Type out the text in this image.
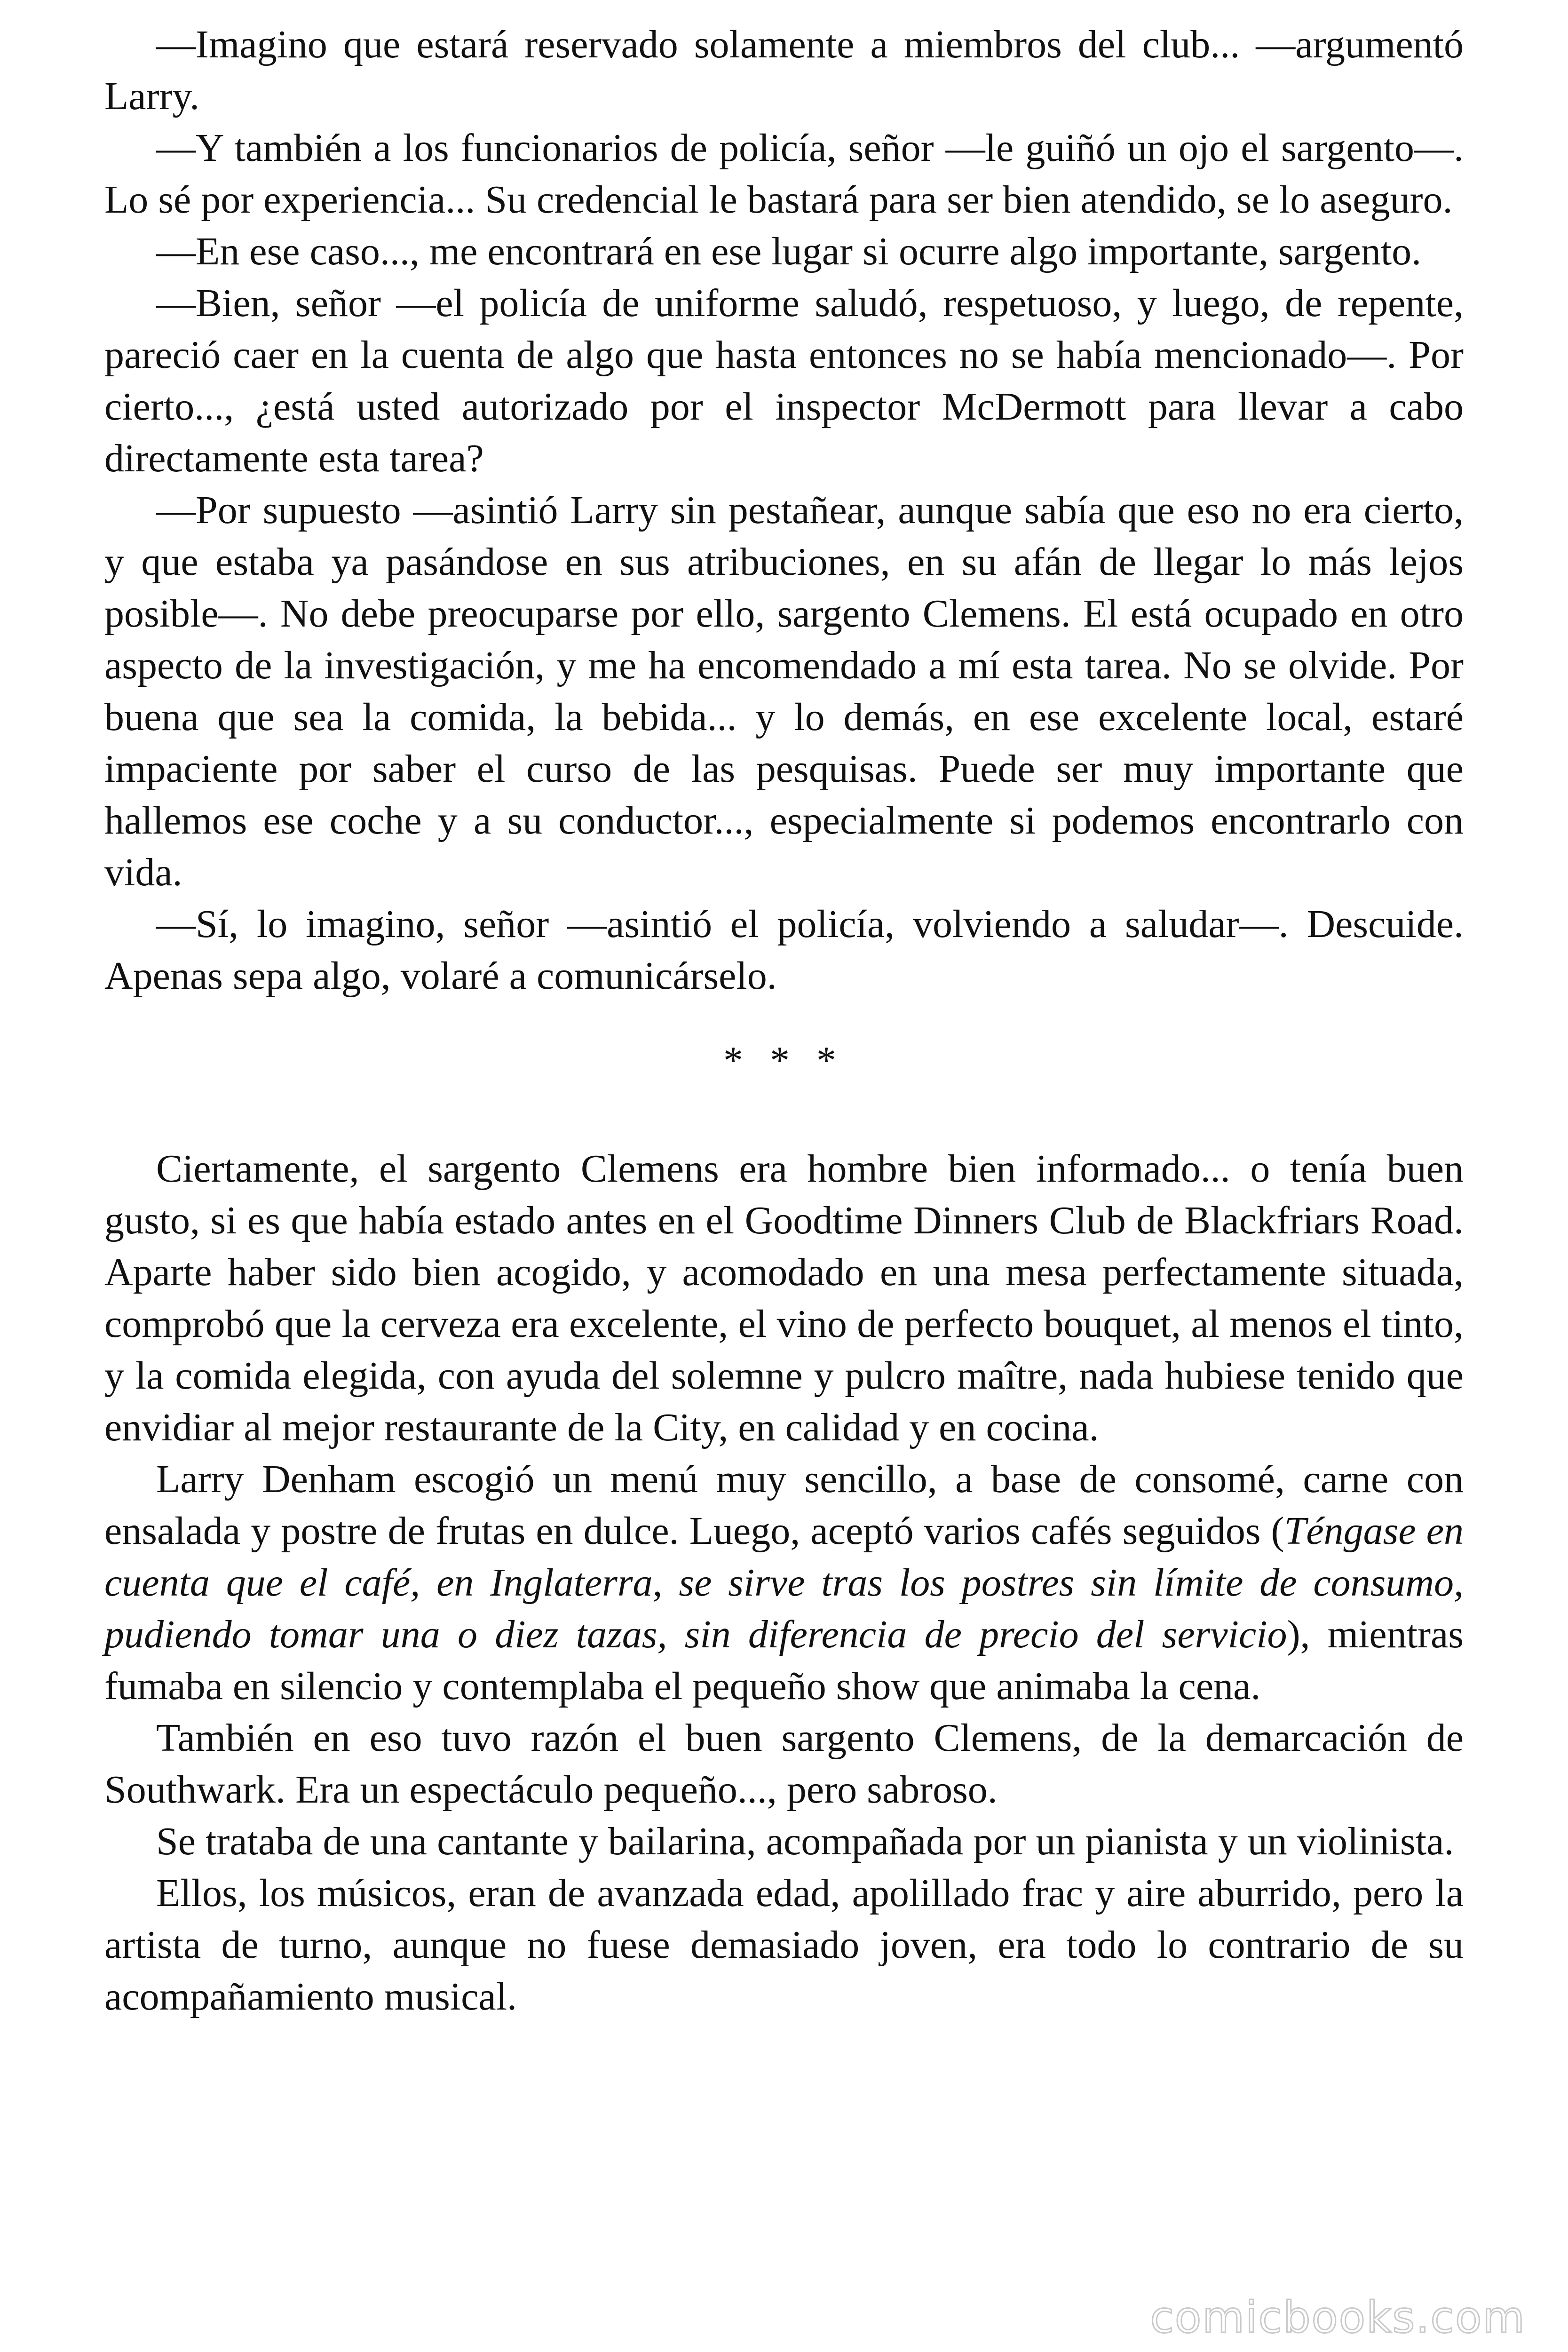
—Imagino que estará reservado solamente a miembros del club... —argumentó Larry.

—Y también a los funcionarios de policía, señor —le guiñó un ojo el sargento—. Lo sé por experiencia... Su credencial le bastará para ser bien atendido, se lo aseguro.

—En ese caso..., me encontrará en ese lugar si ocurre algo importante, sargento.

—Bien, señor —el policía de uniforme saludó, respetuoso, y luego, de repente, pareció caer en la cuenta de algo que hasta entonces no se había mencionado—. Por cierto..., ¿está usted autorizado por el inspector McDermott para llevar a cabo directamente esta tarea?

—Por supuesto —asintió Larry sin pestañear, aunque sabía que eso no era cierto, y que estaba ya pasándose en sus atribuciones, en su afán de llegar lo más lejos posible—. No debe preocuparse por ello, sargento Clemens. El está ocupado en otro aspecto de la investigación, y me ha encomendado a mí esta tarea. No se olvide. Por buena que sea la comida, la bebida... y lo demás, en ese excelente local, estaré impaciente por saber el curso de las pesquisas. Puede ser muy importante que hallemos ese coche y a su conductor..., especialmente si podemos encontrarlo con vida.

—Sí, lo imagino, señor —asintió el policía, volviendo a saludar—. Descuide. Apenas sepa algo, volaré a comunicárselo.

* * *

Ciertamente, el sargento Clemens era hombre bien informado... o tenía buen gusto, si es que había estado antes en el Goodtime Dinners Club de Blackfriars Road. Aparte haber sido bien acogido, y acomodado en una mesa perfectamente situada, comprobó que la cerveza era excelente, el vino de perfecto bouquet, al menos el tinto, y la comida elegida, con ayuda del solemne y pulcro maître, nada hubiese tenido que envidiar al mejor restaurante de la City, en calidad y en cocina.

Larry Denham escogió un menú muy sencillo, a base de consomé, carne con ensalada y postre de frutas en dulce. Luego, aceptó varios cafés seguidos (Téngase en cuenta que el café, en Inglaterra, se sirve tras los postres sin límite de consumo, pudiendo tomar una o diez tazas, sin diferencia de precio del servicio), mientras fumaba en silencio y contemplaba el pequeño show que animaba la cena.

También en eso tuvo razón el buen sargento Clemens, de la demarcación de Southwark. Era un espectáculo pequeño..., pero sabroso.

Se trataba de una cantante y bailarina, acompañada por un pianista y un violinista.

Ellos, los músicos, eran de avanzada edad, apolillado frac y aire aburrido, pero la artista de turno, aunque no fuese demasiado joven, era todo lo contrario de su acompañamiento musical.

comicbooks.com
